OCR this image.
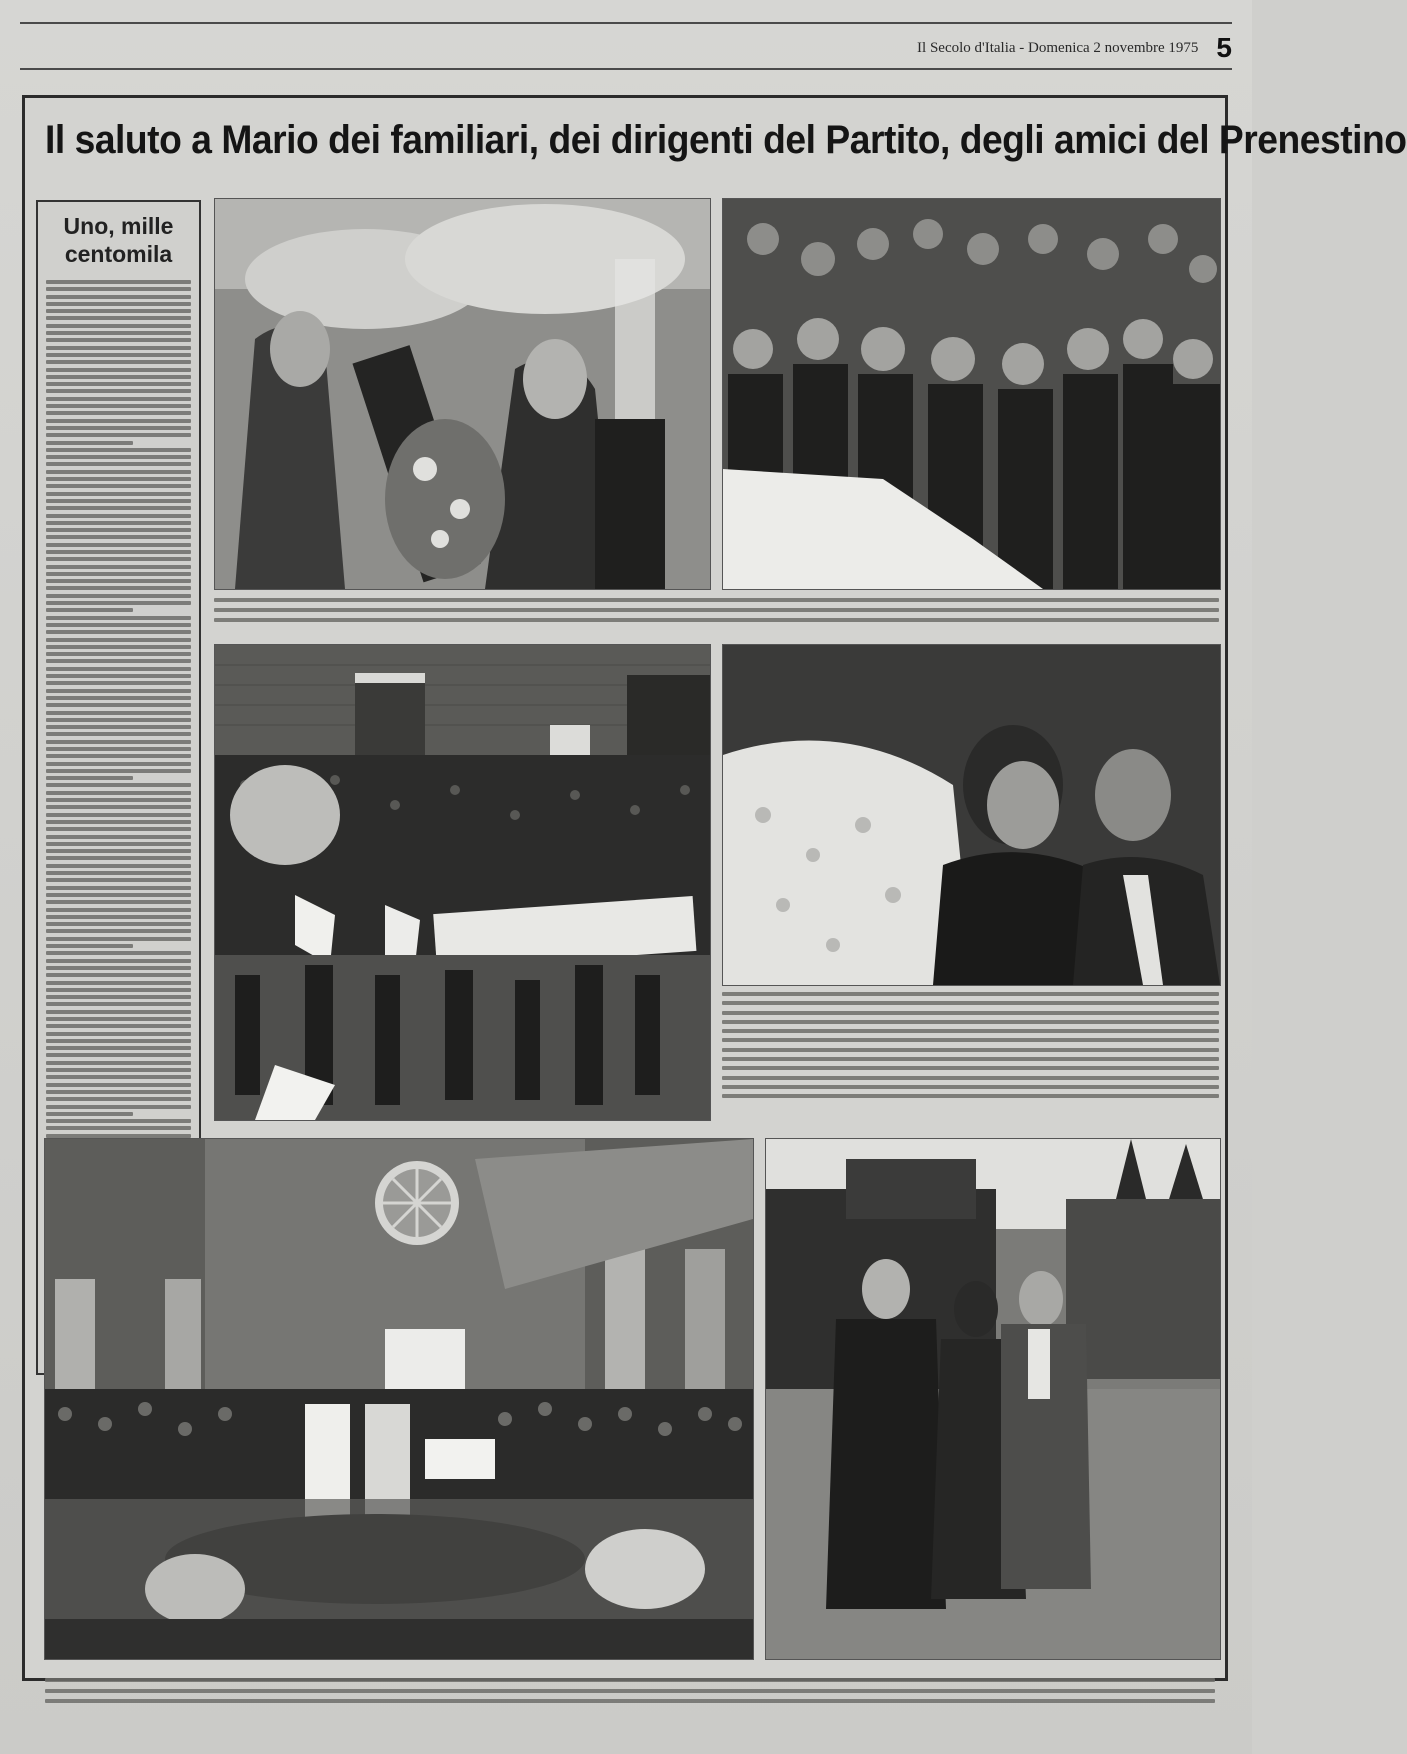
Il Secolo d'Italia - Domenica 2 novembre 1975 5
Il saluto a Mario dei familiari, dei dirigenti del Partito, degli amici del Prenestino
Uno, mille
centomila
